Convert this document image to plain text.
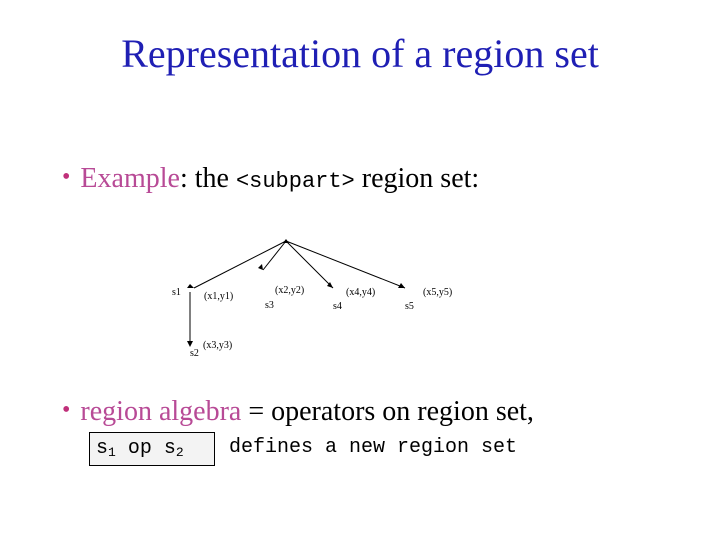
Representation of a region set
• Example: the <subpart> region set:
s1 (x1,y1)
(x2,y2)
s3
(x4,y4)
s4
(x5,y5)
s5
(x3,y3)
s2
• region algebra = operators on region set,
$s_1$ op $s_2$	defines a new region set
